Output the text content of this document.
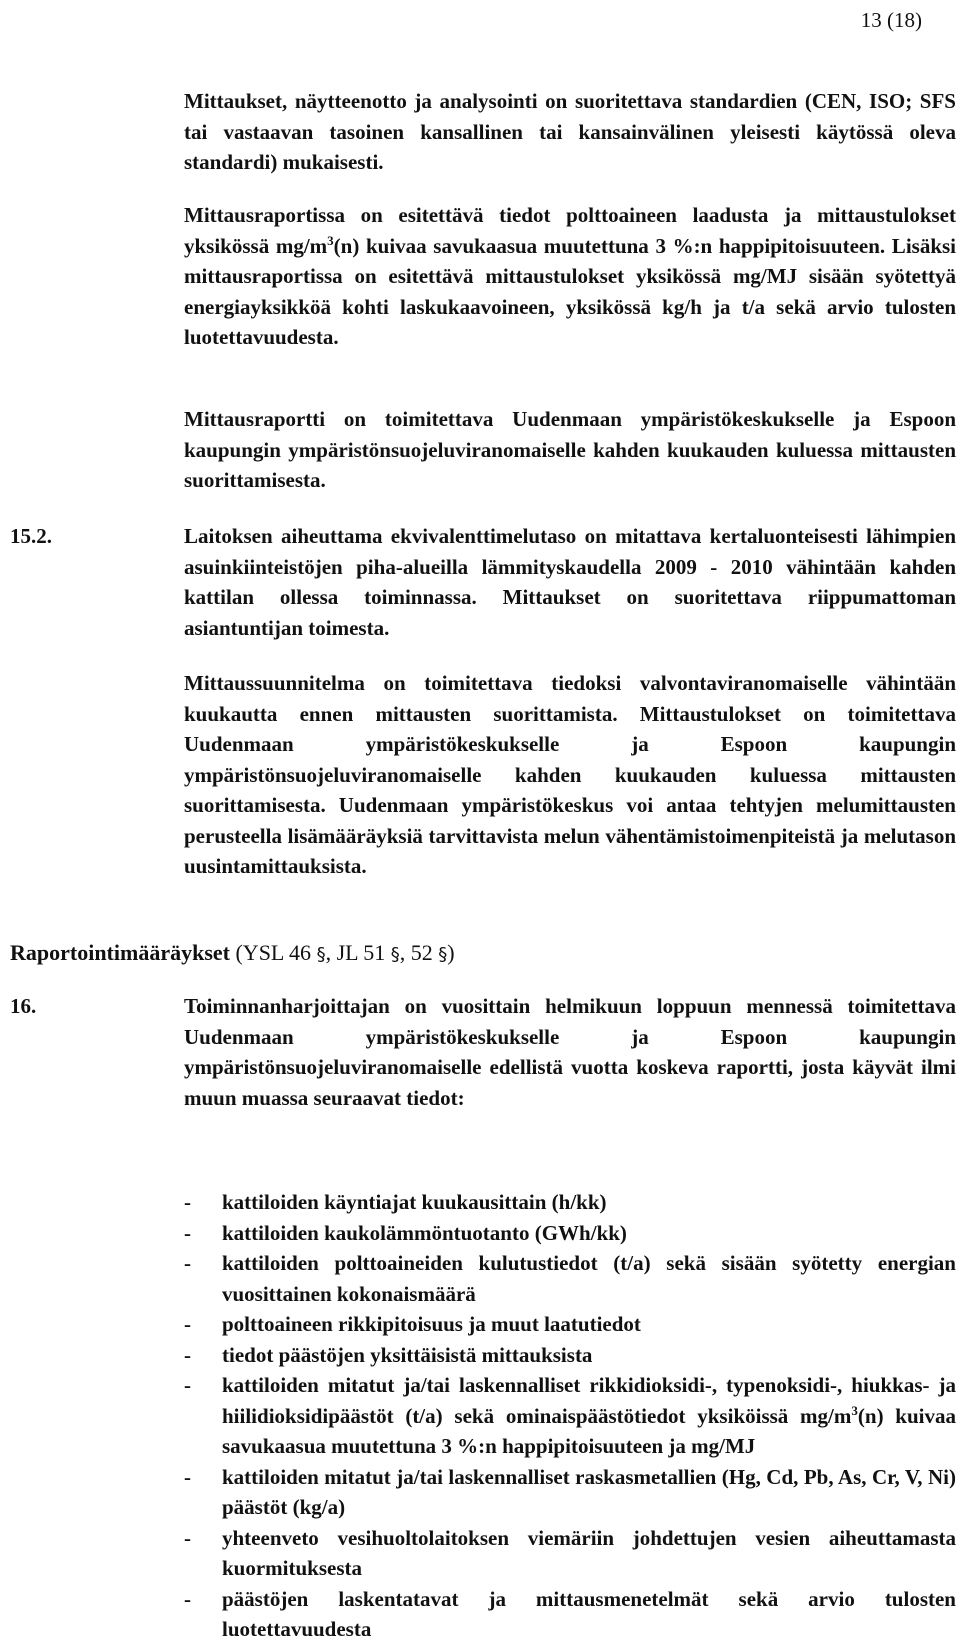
13 (18)

Mittaukset, näytteenotto ja analysointi on suoritettava standardien (CEN, ISO; SFS tai vastaavan tasoinen kansallinen tai kansainvälinen yleisesti käytössä oleva standardi) mukaisesti.

Mittausraportissa on esitettävä tiedot polttoaineen laadusta ja mittaustulokset yksikössä $mg/m^3(n)$ kuivaa savukaasua muutettuna 3 %:n happipitoisuuteen. Lisäksi mittausraportissa on esitettävä mittaustulokset yksikössä mg/MJ sisään syötettyä energiayksikköä kohti laskukaavoineen, yksikössä kg/h ja t/a sekä arvio tulosten luotettavuudesta.

Mittausraportti on toimitettava Uudenmaan ympäristökeskukselle ja Espoon kaupungin ympäristönsuojeluviranomaiselle kahden kuukauden kuluessa mittausten suorittamisesta.

15.2.	Laitoksen aiheuttama ekvivalenttimelutaso on mitattava kertaluonteisesti lähimpien asuinkiinteistöjen piha-alueilla lämmityskaudella 2009 - 2010 vähintään kahden kattilan ollessa toiminnassa. Mittaukset on suoritettava riippumattoman asiantuntijan toimesta.

Mittaussuunnitelma on toimitettava tiedoksi valvontaviranomaiselle vähintään kuukautta ennen mittausten suorittamista. Mittaustulokset on toimitettava Uudenmaan ympäristökeskukselle ja Espoon kaupungin ympäristönsuojeluviranomaiselle kahden kuukauden kuluessa mittausten suorittamisesta. Uudenmaan ympäristökeskus voi antaa tehtyjen melumittausten perusteella lisämääräyksiä tarvittavista melun vähentämistoimenpiteistä ja melutason uusintamittauksista.

Raportointimääräykset (YSL 46 §, JL 51 §, 52 §)
16.	Toiminnanharjoittajan on vuosittain helmikuun loppuun mennessä toimitettava Uudenmaan ympäristökeskukselle ja Espoon kaupungin ympäristönsuojeluviranomaiselle edellistä vuotta koskeva raportti, josta käyvät ilmi muun muassa seuraavat tiedot:

- kattiloiden käyntiajat kuukausittain (h/kk)
- kattiloiden kaukolämmöntuotanto (GWh/kk)
- kattiloiden polttoaineiden kulutustiedot (t/a) sekä sisään syötetty energian vuosittainen kokonaismäärä
- polttoaineen rikkipitoisuus ja muut laatutiedot
- tiedot päästöjen yksittäisistä mittauksista
- kattiloiden mitatut ja/tai laskennalliset rikkidioksidi-, typenoksidi-, hiukkas- ja hiilidioksidipäästöt (t/a) sekä ominaispäästötiedot yksiköissä $mg/m^3(n)$ kuivaa savukaasua muutettuna 3 %:n happipitoisuuteen ja mg/MJ
- kattiloiden mitatut ja/tai laskennalliset raskasmetallien (Hg, Cd, Pb, As, Cr, V, Ni) päästöt (kg/a)
- yhteenveto vesihuoltolaitoksen viemäriin johdettujen vesien aiheuttamasta kuormituksesta
- päästöjen laskentatavat ja mittausmenetelmät sekä arvio tulosten luotettavuudesta
